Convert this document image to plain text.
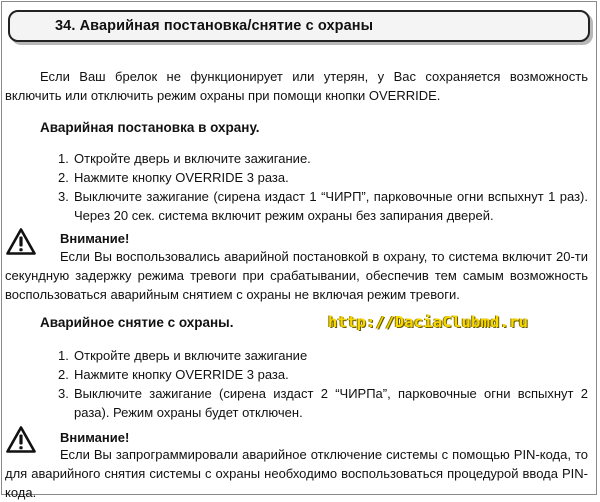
34. Аварийная постановка/снятие с охраны

Если Ваш брелок не функционирует или утерян, у Вас сохраняется возможность включить или отключить режим охраны при помощи кнопки OVERRIDE.

Аварийная постановка в охрану.
1. Откройте дверь и включите зажигание.
2. Нажмите кнопку OVERRIDE 3 раза.
3. Выключите зажигание (сирена издаст 1 “ЧИРП”, парковочные огни вспыхнут 1 раз). Через 20 сек. система включит режим охраны без запирания дверей.
Внимание!

Если Вы воспользовались аварийной постановкой в охрану, то система включит 20-ти секундную задержку режима тревоги при срабатывании, обеспечив тем самым возможность воспользоваться аварийным снятием с охраны не включая режим тревоги.

Аварийное снятие с охраны.	http://DaciaClubmd.ru
1. Откройте дверь и включите зажигание
2. Нажмите кнопку OVERRIDE 3 раза.
3. Выключите зажигание (сирена издаст 2 “ЧИРПа”, парковочные огни вспыхнут 2 раза). Режим охраны будет отключен.
Внимание!

Если Вы запрограммировали аварийное отключение системы с помощью PIN-кода, то для аварийного снятия системы с охраны необходимо воспользоваться процедурой ввода PIN-кода.
